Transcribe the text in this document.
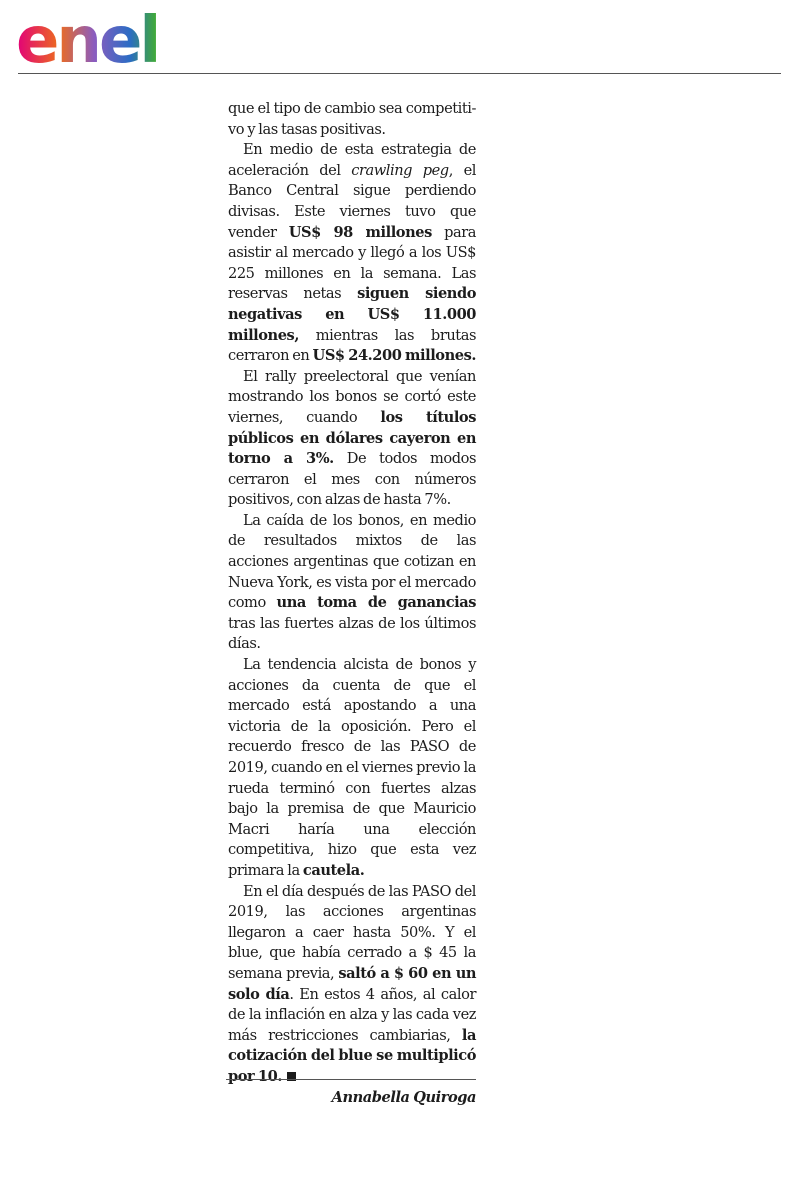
enel

que el tipo de cambio sea competiti-vo y las tasas positivas.

En medio de esta estrategia de aceleración del crawling peg, el Banco Central sigue perdiendo divisas. Este viernes tuvo que vender US$ 98 millones para asistir al mercado y llegó a los US$ 225 millones en la semana. Las reservas netas siguen siendo negativas en US$ 11.000 millones, mientras las brutas cerraron en US$ 24.200 millones.

El rally preelectoral que venían mostrando los bonos se cortó este viernes, cuando los títulos públicos en dólares cayeron en torno a 3%. De todos modos cerraron el mes con números positivos, con alzas de hasta 7%.

La caída de los bonos, en medio de resultados mixtos de las acciones argentinas que cotizan en Nueva York, es vista por el mercado como una toma de ganancias tras las fuertes alzas de los últimos días.

La tendencia alcista de bonos y acciones da cuenta de que el mercado está apostando a una victoria de la oposición. Pero el recuerdo fresco de las PASO de 2019, cuando en el viernes previo la rueda terminó con fuertes alzas bajo la premisa de que Mauricio Macri haría una elección competitiva, hizo que esta vez primara la cautela.

En el día después de las PASO del 2019, las acciones argentinas llegaron a caer hasta 50%. Y el blue, que había cerrado a $ 45 la semana previa, saltó a $ 60 en un solo día. En estos 4 años, al calor de la inflación en alza y las cada vez más restricciones cambiarias, la cotización del blue se multiplicó por 10.

Annabella Quiroga
